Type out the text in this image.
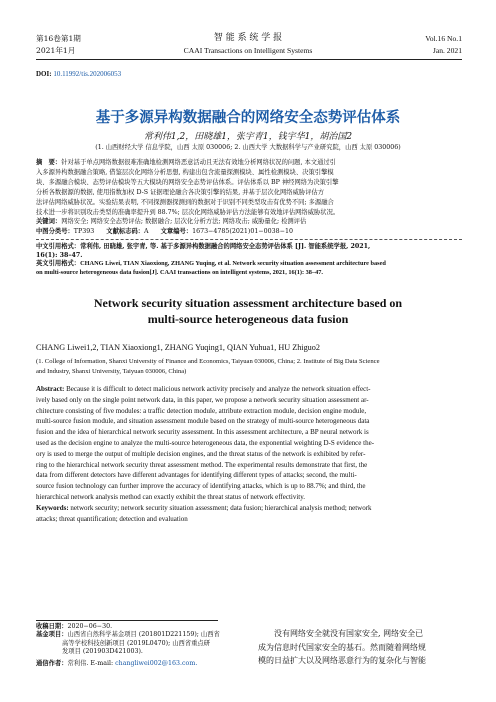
第16卷第1期
2021年1月
智 能 系 统 学 报
CAAI Transactions on Intelligent Systems
Vol.16 No.1
Jan. 2021
DOI: 10.11992/tis.202006053
基于多源异构数据融合的网络安全态势评估体系
常利伟1,2，田晓雄1，张宇青1，钱宇华1，胡治国2
(1. 山西财经大学 信息学院，山西 太原 030006; 2. 山西大学 大数据科学与产业研究院，山西 太原 030006)
摘　要：针对基于单点网络数据很难准确地检测网络恶意活动且无法有效地分析网络状况的问题, 本文通过引
入多源异构数据融合策略, 借鉴层次化网络分析思想, 构建出包含流量探测模块、属性检测模块、决策引擎模
块、多源融合模块、态势评估模块等五大模块的网络安全态势评估体系。评估体系以 BP 神经网络为决策引擎
分析各数据源的数据, 使用指数加权 D-S 证据理论融合各决策引擎的结果, 并基于层次化网络威胁评估方
法评估网络威胁状况。实验结果表明, 不同探测器探测到的数据对于识别不同类型攻击有优势不同; 多源融合
技术进一步将识别攻击类型的准确率提升到 88.7%; 层次化网络威胁评估方法能够有效地评估网络威胁状况。
关键词：网络安全; 网络安全态势评估; 数据融合; 层次化分析方法; 网络攻击; 威胁量化; 检测评估
中图分类号：TP393 文献标志码：A 文章编号：1673−4785(2021)01−0038−10
中文引用格式：常利伟, 田晓雄, 张宇青, 等. 基于多源异构数据融合的网络安全态势评估体系 [J]. 智能系统学报, 2021,
16(1): 38–47.
英文引用格式：CHANG Liwei, TIAN Xiaoxiong, ZHANG Yuqing, et al. Network security situation assessment architecture based
on multi-source heterogeneous data fusion[J]. CAAI transactions on intelligent systems, 2021, 16(1): 38–47.
Network security situation assessment architecture based on
multi-source heterogeneous data fusion
CHANG Liwei1,2, TIAN Xiaoxiong1, ZHANG Yuqing1, QIAN Yuhua1, HU Zhiguo2
(1. College of Information, Shanxi University of Finance and Economics, Taiyuan 030006, China; 2. Institute of Big Data Science
and Industry, Shanxi University, Taiyuan 030006, China)
Abstract: Because it is difficult to detect malicious network activity precisely and analyze the network situation effect-
ively based only on the single point network data, in this paper, we propose a network security situation assessment ar-
chitecture consisting of five modules: a traffic detection module, attribute extraction module, decision engine module,
multi-source fusion module, and situation assessment module based on the strategy of multi-source heterogeneous data
fusion and the idea of hierarchical network security assessment. In this assessment architecture, a BP neural network is
used as the decision engine to analyze the multi-source heterogeneous data, the exponential weighting D-S evidence the-
ory is used to merge the output of multiple decision engines, and the threat status of the network is exhibited by refer-
ring to the hierarchical network security threat assessment method. The experimental results demonstrate that first, the
data from different detectors have different advantages for identifying different types of attacks; second, the multi-
source fusion technology can further improve the accuracy of identifying attacks, which is up to 88.7%; and third, the
hierarchical network analysis method can exactly exhibit the threat status of network effectivity.
Keywords: network security; network security situation assessment; data fusion; hierarchical analysis method; network
attacks; threat quantification; detection and evaluation
收稿日期：2020−06−30.
基金项目：山西省自然科学基金项目 (201801D221159); 山西省
高等学校科技创新项目 (2019L0470); 山西省重点研
发项目 (201903D421003).
通信作者：常利伟. E-mail: changliwei002@163.com.
没有网络安全就没有国家安全, 网络安全已
成为信息时代国家安全的基石。然而随着网络规
模的日益扩大以及网络恶意行为的复杂化与智能
